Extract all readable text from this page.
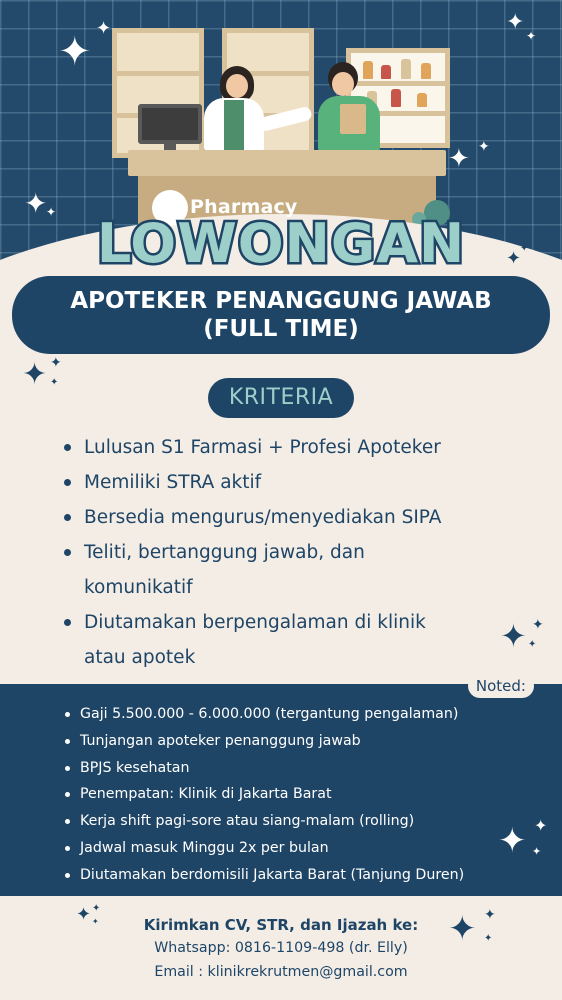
✦
✦	✦
✦
✦ ✦
✦
✦
✦
✦
Pharmacy
LOWONGAN
APOTEKER PENANGGUNG JAWAB
(FULL TIME)
✦ ✦
✦
KRITERIA
Lulusan S1 Farmasi + Profesi Apoteker
Memiliki STRA aktif
Bersedia mengurus/menyediakan SIPA
Teliti, bertanggung jawab, dan
komunikatif
Diutamakan berpengalaman di klinik
atau apotek
✦ ✦
✦
Noted:
Gaji 5.500.000 - 6.000.000 (tergantung pengalaman)
Tunjangan apoteker penanggung jawab
BPJS kesehatan
Penempatan: Klinik di Jakarta Barat
Kerja shift pagi-sore atau siang-malam (rolling)
Jadwal masuk Minggu 2x per bulan
Diutamakan berdomisili Jakarta Barat (Tanjung Duren)
✦ ✦
✦
✦ ✦
✦	✦ ✦
✦
Kirimkan CV, STR, dan Ijazah ke:
Whatsapp: 0816-1109-498 (dr. Elly)
Email : klinikrekrutmen@gmail.com
